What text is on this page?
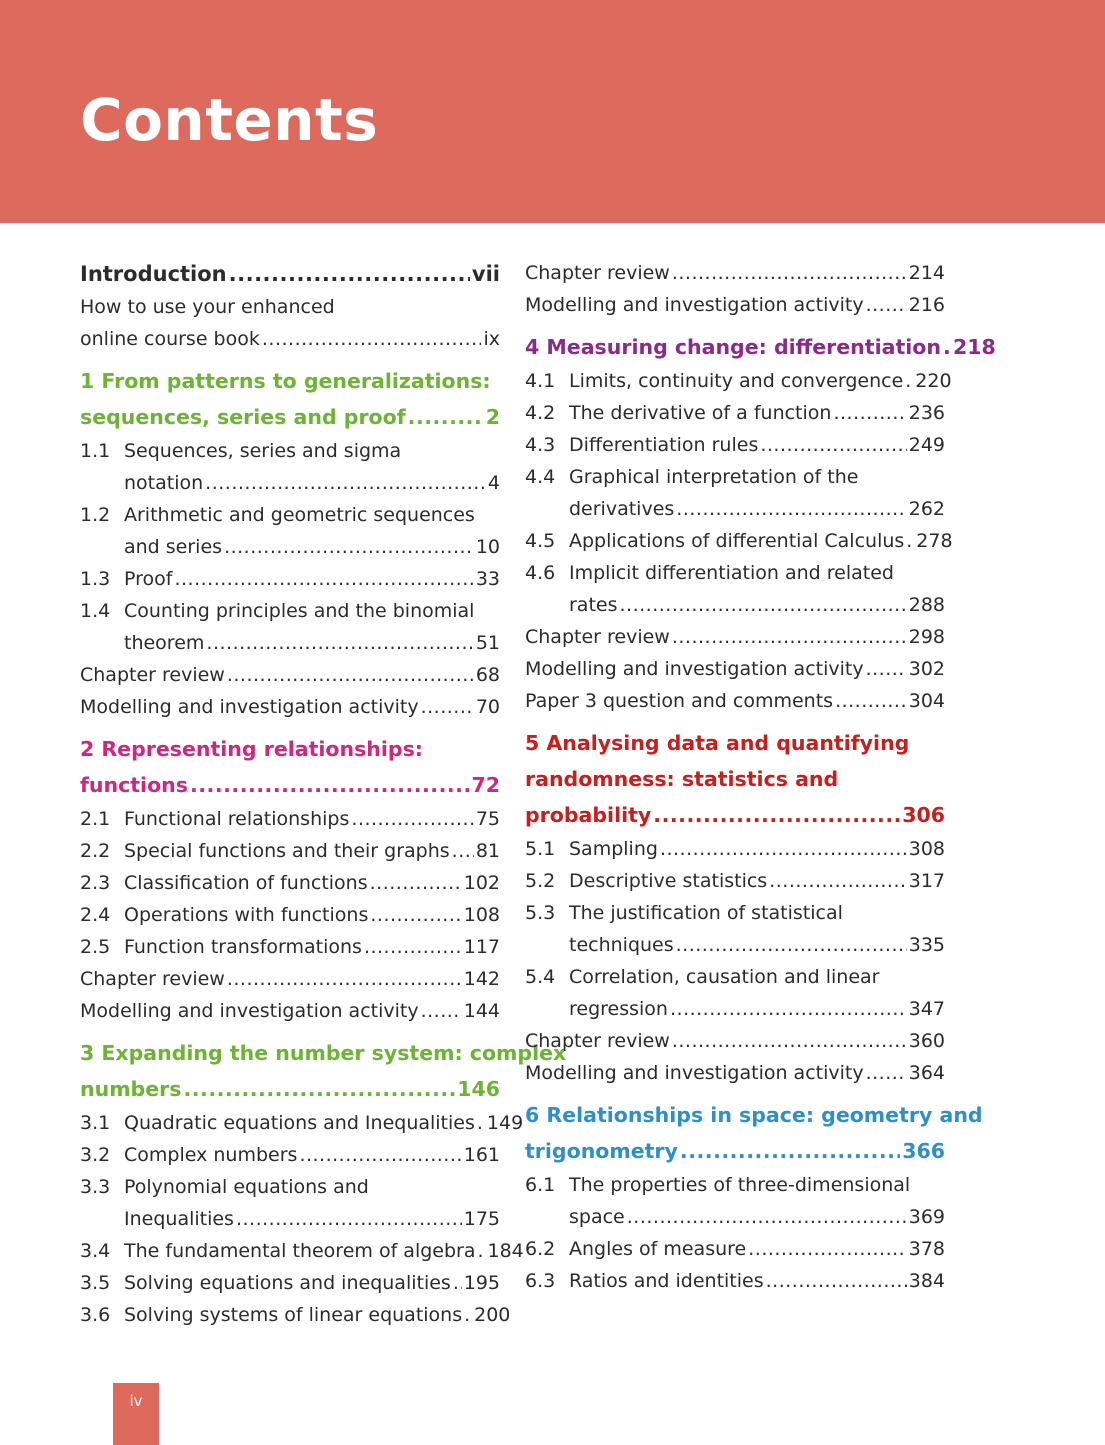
Contents
Introduction .....	vii
How to use your enhanced
online course book .....	ix
1 From patterns to generalizations:
sequences, series and proof .....	2
1.1 Sequences, series and sigma
notation .....	4
1.2 Arithmetic and geometric sequences
and series .....	10
1.3 Proof .....	33
1.4 Counting principles and the binomial
theorem .....	51
Chapter review .....	68
Modelling and investigation activity .....	70
2 Representing relationships:
functions .....	72
2.1 Functional relationships .....	75
2.2 Special functions and their graphs ..... 81
2.3 Classification of functions .....	102
2.4 Operations with functions .....	108
2.5 Function transformations .....	117
Chapter review .....	142
Modelling and investigation activity ..... 144
3 Expanding the number system: complex
numbers .....	146
3.1 Quadratic equations and Inequalities ..... 149
3.2 Complex numbers .....	161
3.3 Polynomial equations and
Inequalities .....	175
3.4 The fundamental theorem of algebra ..... 184
3.5 Solving equations and inequalities ..... 195
3.6 Solving systems of linear equations ..... 200
Chapter review .....	214
Modelling and investigation activity ..... 216
4 Measuring change: differentiation ..... 218
4.1 Limits, continuity and convergence ..... 220
4.2 The derivative of a function .....	236
4.3 Differentiation rules .....	249
4.4 Graphical interpretation of the
derivatives .....	262
4.5 Applications of differential Calculus ..... 278
4.6 Implicit differentiation and related
rates .....	288
Chapter review .....	298
Modelling and investigation activity ..... 302
Paper 3 question and comments .....	304
5 Analysing data and quantifying
randomness: statistics and
probability .....	306
5.1 Sampling .....	308
5.2 Descriptive statistics .....	317
5.3 The justification of statistical
techniques .....	335
5.4 Correlation, causation and linear
regression .....	347
Chapter review .....	360
Modelling and investigation activity ..... 364
6 Relationships in space: geometry and
trigonometry .....	366
6.1 The properties of three-dimensional
space .....	369
6.2 Angles of measure .....	378
6.3 Ratios and identities .....	384
iv
